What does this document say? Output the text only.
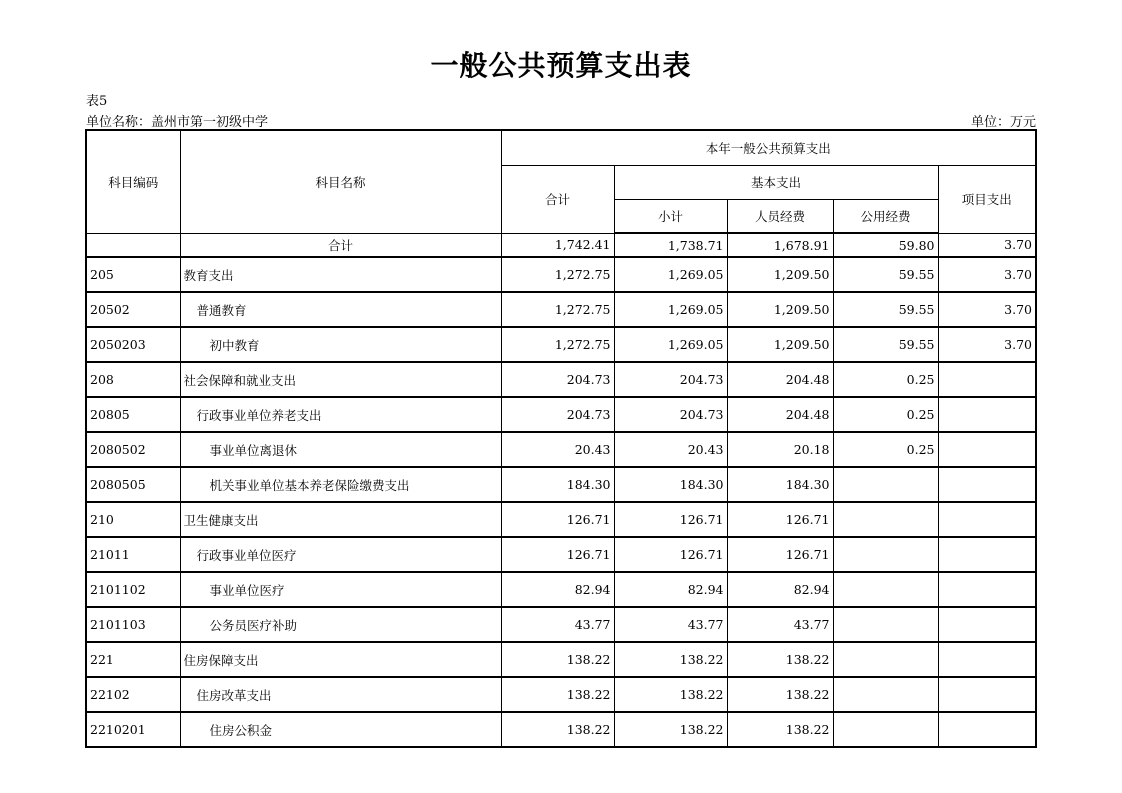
一般公共预算支出表
表5
单位名称：盖州市第一初级中学	单位：万元
科目编码	科目名称	本年一般公共预算支出				
		合计	基本支出			项目支出
			小计	人员经费	公用经费	
	合计	1,742.41	1,738.71	1,678.91	59.80	3.70
205	教育支出	1,272.75	1,269.05	1,209.50	59.55	3.70
20502	普通教育	1,272.75	1,269.05	1,209.50	59.55	3.70
2050203	初中教育	1,272.75	1,269.05	1,209.50	59.55	3.70
208	社会保障和就业支出	204.73	204.73	204.48	0.25	
20805	行政事业单位养老支出	204.73	204.73	204.48	0.25	
2080502	事业单位离退休	20.43	20.43	20.18	0.25	
2080505	机关事业单位基本养老保险缴费支出	184.30	184.30	184.30		
210	卫生健康支出	126.71	126.71	126.71		
21011	行政事业单位医疗	126.71	126.71	126.71		
2101102	事业单位医疗	82.94	82.94	82.94		
2101103	公务员医疗补助	43.77	43.77	43.77		
221	住房保障支出	138.22	138.22	138.22		
22102	住房改革支出	138.22	138.22	138.22		
2210201	住房公积金	138.22	138.22	138.22		
